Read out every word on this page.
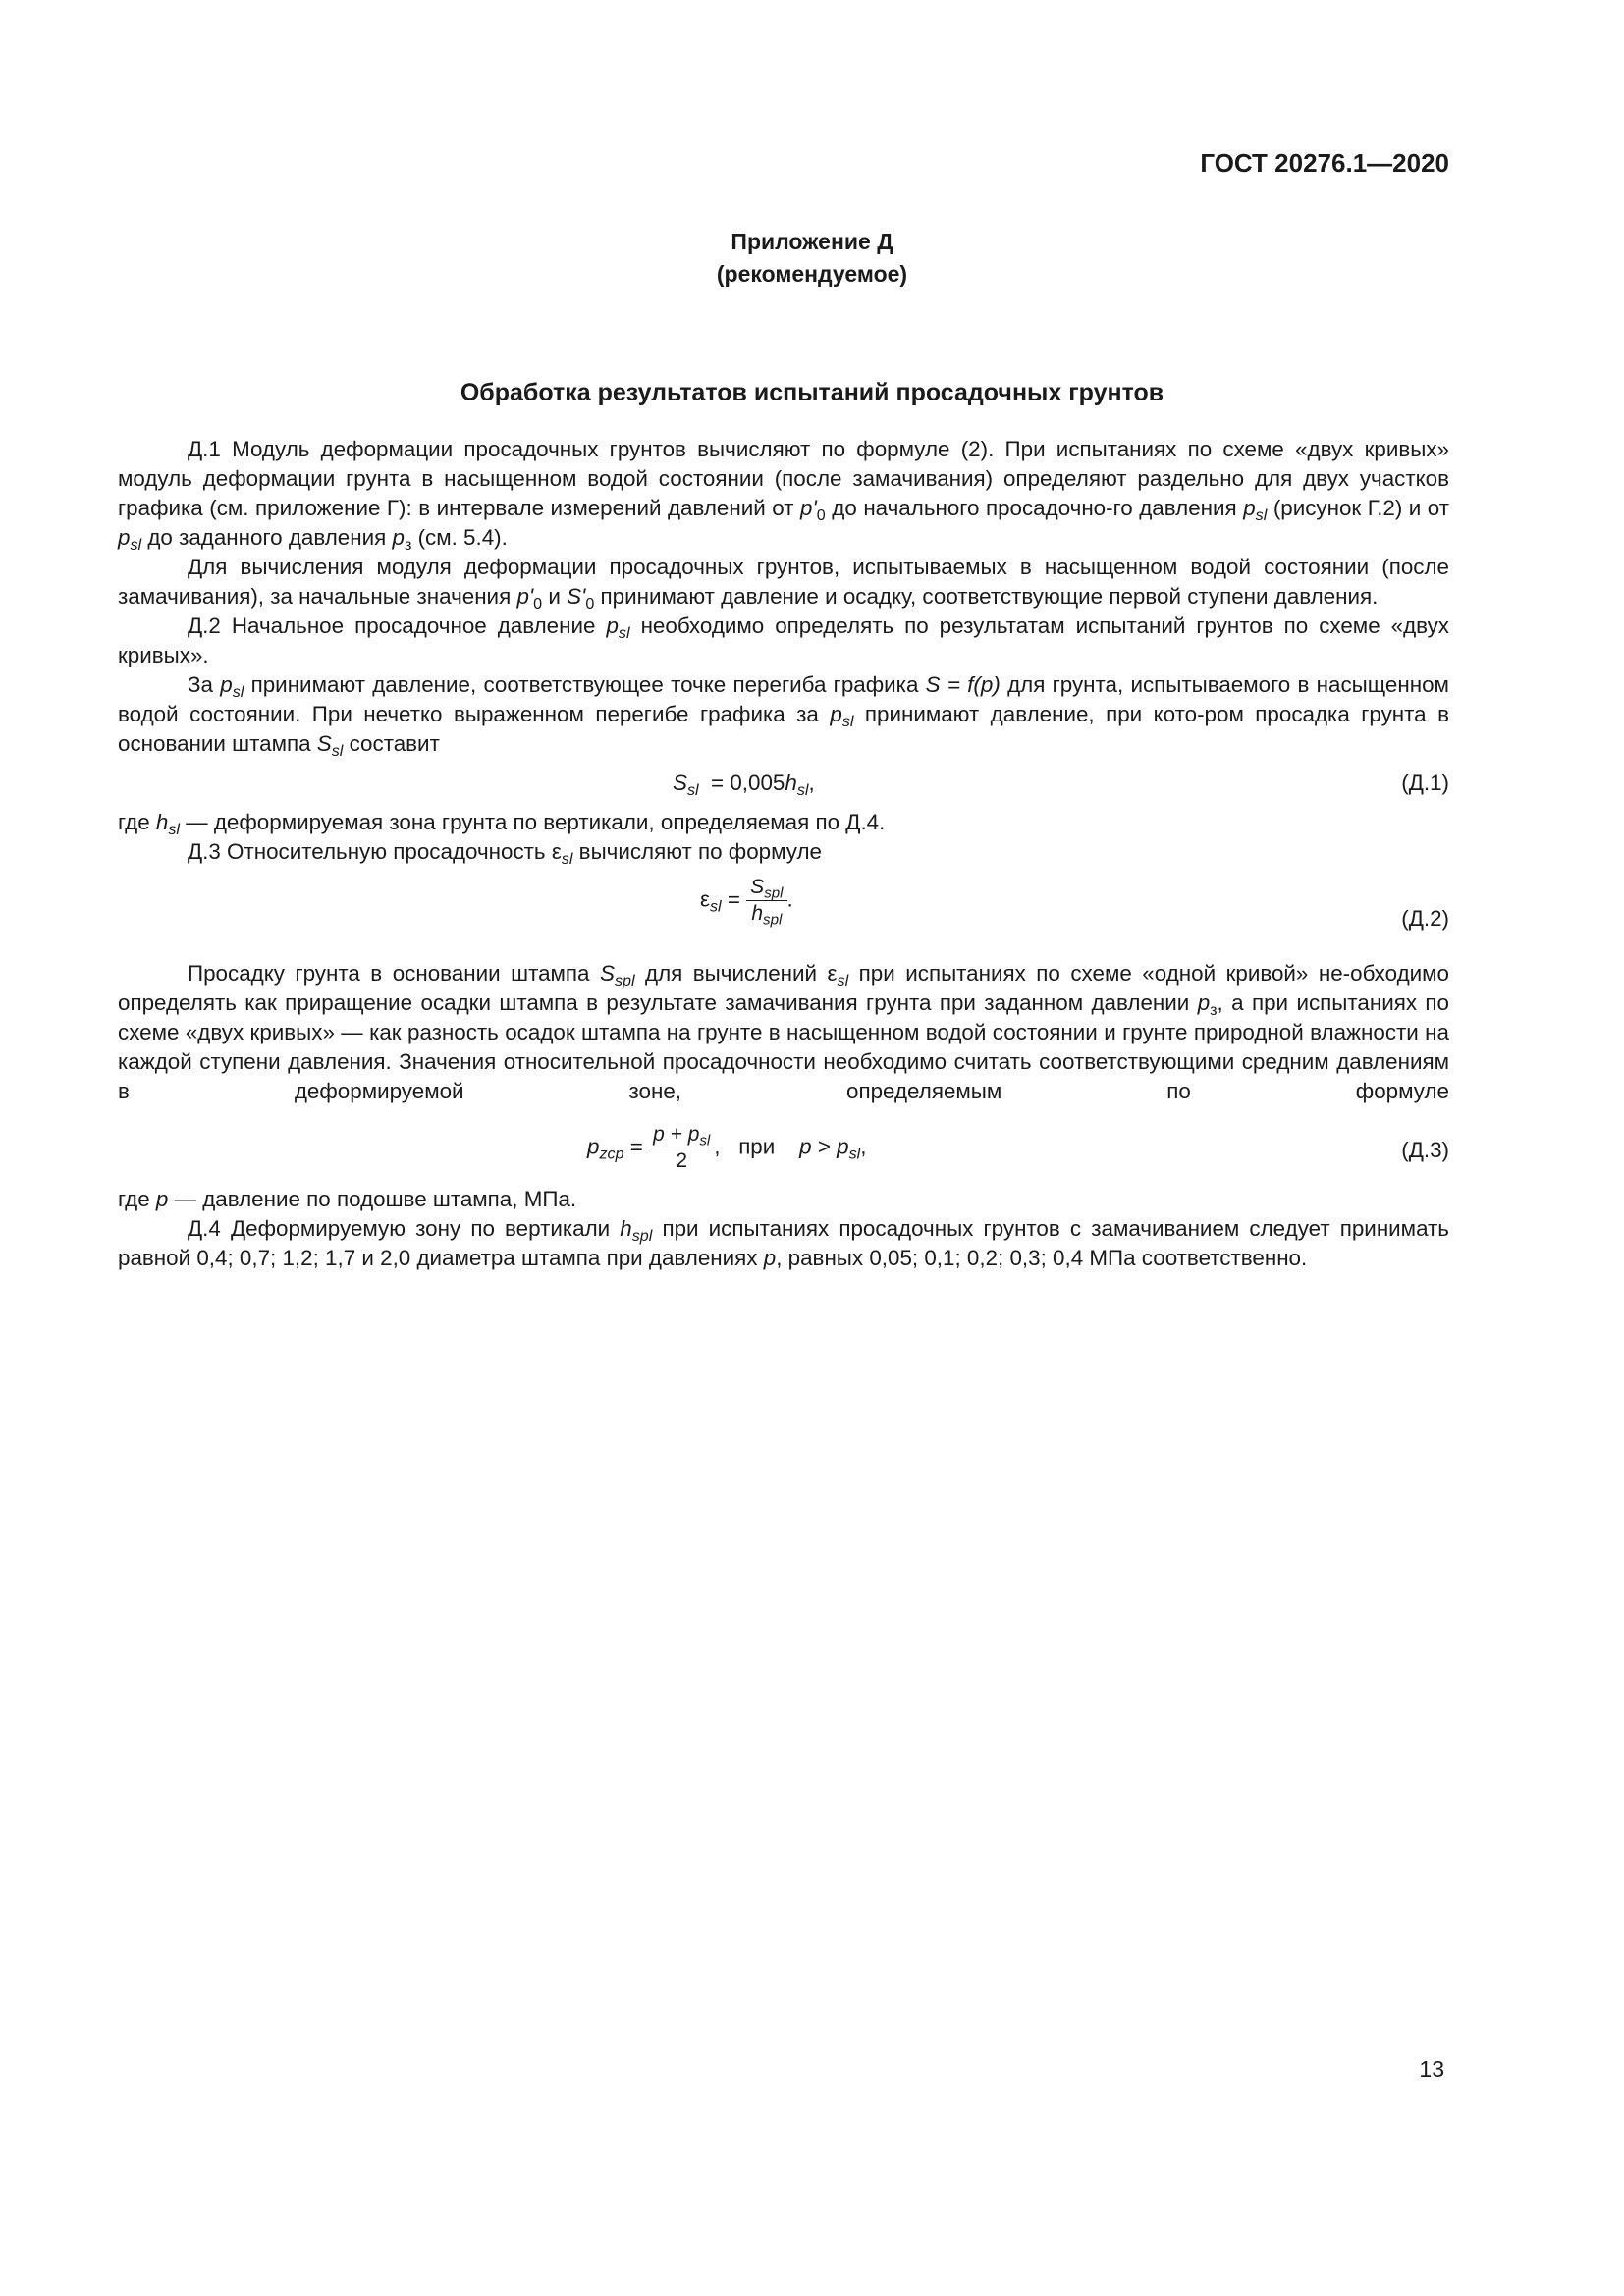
ГОСТ 20276.1—2020
Приложение Д
(рекомендуемое)
Обработка результатов испытаний просадочных грунтов

Д.1 Модуль деформации просадочных грунтов вычисляют по формуле (2). При испытаниях по схеме «двух кривых» модуль деформации грунта в насыщенном водой состоянии (после замачивания) определяют раздельно для двух участков графика (см. приложение Г): в интервале измерений давлений от $p'_0$ до начального просадочно-го давления $p_{sl}$ (рисунок Г.2) и от $p_{sl}$ до заданного давления $p_з$ (см. 5.4).

Для вычисления модуля деформации просадочных грунтов, испытываемых в насыщенном водой состоянии (после замачивания), за начальные значения $p'_0$ и $S'_0$ принимают давление и осадку, соответствующие первой ступени давления.

Д.2 Начальное просадочное давление $p_{sl}$ необходимо определять по результатам испытаний грунтов по схеме «двух кривых».

За $p_{sl}$ принимают давление, соответствующее точке перегиба графика S = f(p) для грунта, испытываемого в насыщенном водой состоянии. При нечетко выраженном перегибе графика за $p_{sl}$ принимают давление, при кото-ром просадка грунта в основании штампа $S_{sl}$ составит

$S_{sl} = 0,005h_{sl}$,	(Д.1)

где $h_{sl}$ — деформируемая зона грунта по вертикали, определяемая по Д.4.

Д.3 Относительную просадочность $\varepsilon_{sl}$ вычисляют по формуле

$\varepsilon_{sl} = \frac{S_{spl}}{h_{spl}}$ .
(Д.2)

Просадку грунта в основании штампа $S_{spl}$ для вычислений $\varepsilon_{sl}$ при испытаниях по схеме «одной кривой» не-обходимо определять как приращение осадки штампа в результате замачивания грунта при заданном давлении $p_з$, а при испытаниях по схеме «двух кривых» — как разность осадок штампа на грунте в насыщенном водой состоянии и грунте природной влажности на каждой ступени давления. Значения относительной просадочности необходимо считать соответствующими средним давлениям в деформируемой зоне, определяемым по формуле

$p_{zcp} = \frac{p + p_{sl}}{2}$ ,   при $p > p_{sl}$,	(Д.3)

где p — давление по подошве штампа, МПа.

Д.4 Деформируемую зону по вертикали $h_{spl}$ при испытаниях просадочных грунтов с замачиванием следует принимать равной 0,4; 0,7; 1,2; 1,7 и 2,0 диаметра штампа при давлениях p, равных 0,05; 0,1; 0,2; 0,3; 0,4 МПа соответственно.

13
